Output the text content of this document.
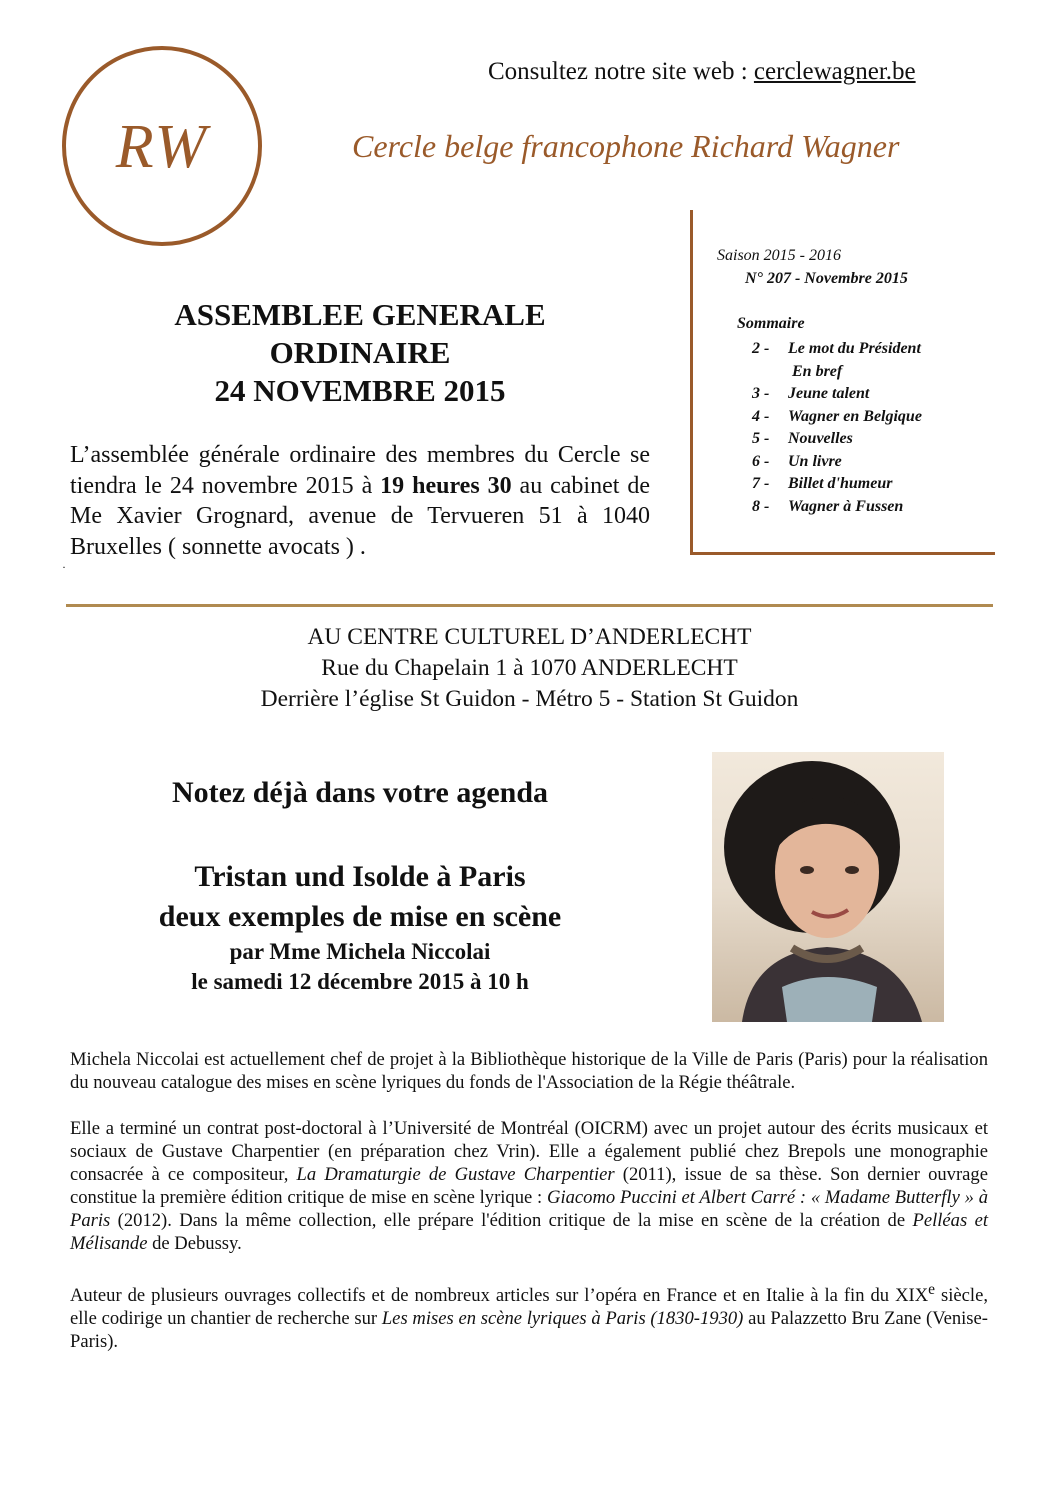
RW
Consultez notre site web : cerclewagner.be
Cercle belge francophone Richard Wagner
Saison 2015 - 2016
N° 207 - Novembre 2015
Sommaire
2 - Le mot du Président
En bref
3 - Jeune talent
4 - Wagner en Belgique
5 - Nouvelles
6 - Un livre
7 - Billet d'humeur
8 - Wagner à Fussen
ASSEMBLEE GENERALE
ORDINAIRE
24 NOVEMBRE 2015
L’assemblée générale ordinaire des membres du Cercle se tiendra le 24 novembre 2015 à 19 heures 30 au cabinet de Me Xavier Grognard, avenue de Tervueren 51 à 1040 Bruxelles ( sonnette avocats ) .
·
AU CENTRE CULTUREL D’ANDERLECHT
Rue du Chapelain 1 à 1070 ANDERLECHT
Derrière l’église St Guidon - Métro 5 - Station St Guidon
Notez déjà dans votre agenda
Tristan und Isolde à Paris
deux exemples de mise en scène
par Mme Michela Niccolai
le samedi 12 décembre 2015 à 10 h

Michela Niccolai est actuellement chef de projet à la Bibliothèque historique de la Ville de Paris (Paris) pour la réalisation du nouveau catalogue des mises en scène lyriques du fonds de l'Association de la Régie théâtrale.

Elle a terminé un contrat post-doctoral à l’Université de Montréal (OICRM) avec un projet autour des écrits musicaux et sociaux de Gustave Charpentier (en préparation chez Vrin). Elle a également publié chez Brepols une monographie consacrée à ce compositeur, La Dramaturgie de Gustave Charpentier (2011), issue de sa thèse. Son dernier ouvrage constitue la première édition critique de mise en scène lyrique : Giacomo Puccini et Albert Carré : « Madame Butterfly » à Paris (2012). Dans la même collection, elle prépare l'édition critique de la mise en scène de la création de Pelléas et Mélisande de Debussy.

Auteur de plusieurs ouvrages collectifs et de nombreux articles sur l’opéra en France et en Italie à la fin du XIXe siècle, elle codirige un chantier de recherche sur Les mises en scène lyriques à Paris (1830-1930) au Palazzetto Bru Zane (Venise-Paris).
